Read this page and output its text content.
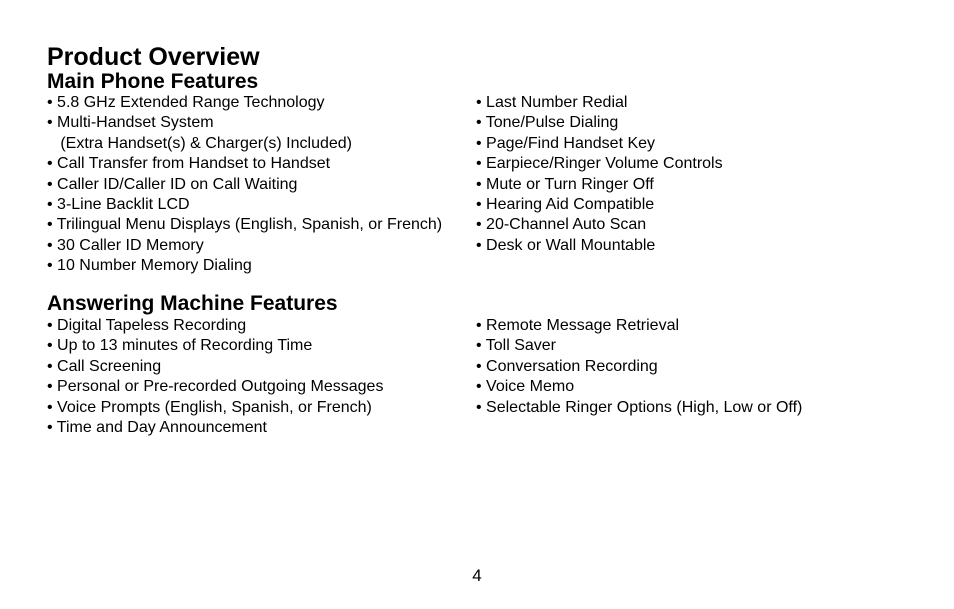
Product Overview
Main Phone Features
• 5.8 GHz Extended Range Technology
• Multi-Handset System
(Extra Handset(s) & Charger(s) Included)
• Call Transfer from Handset to Handset
• Caller ID/Caller ID on Call Waiting
• 3-Line Backlit LCD
• Trilingual Menu Displays (English, Spanish, or French)
• 30 Caller ID Memory
• 10 Number Memory Dialing
• Last Number Redial
• Tone/Pulse Dialing
• Page/Find Handset Key
• Earpiece/Ringer Volume Controls
• Mute or Turn Ringer Off
• Hearing Aid Compatible
• 20-Channel Auto Scan
• Desk or Wall Mountable
Answering Machine Features
• Digital Tapeless Recording
• Up to 13 minutes of Recording Time
• Call Screening
• Personal or Pre-recorded Outgoing Messages
• Voice Prompts (English, Spanish, or French)
• Time and Day Announcement
• Remote Message Retrieval
• Toll Saver
• Conversation Recording
• Voice Memo
• Selectable Ringer Options (High, Low or Off)
4
